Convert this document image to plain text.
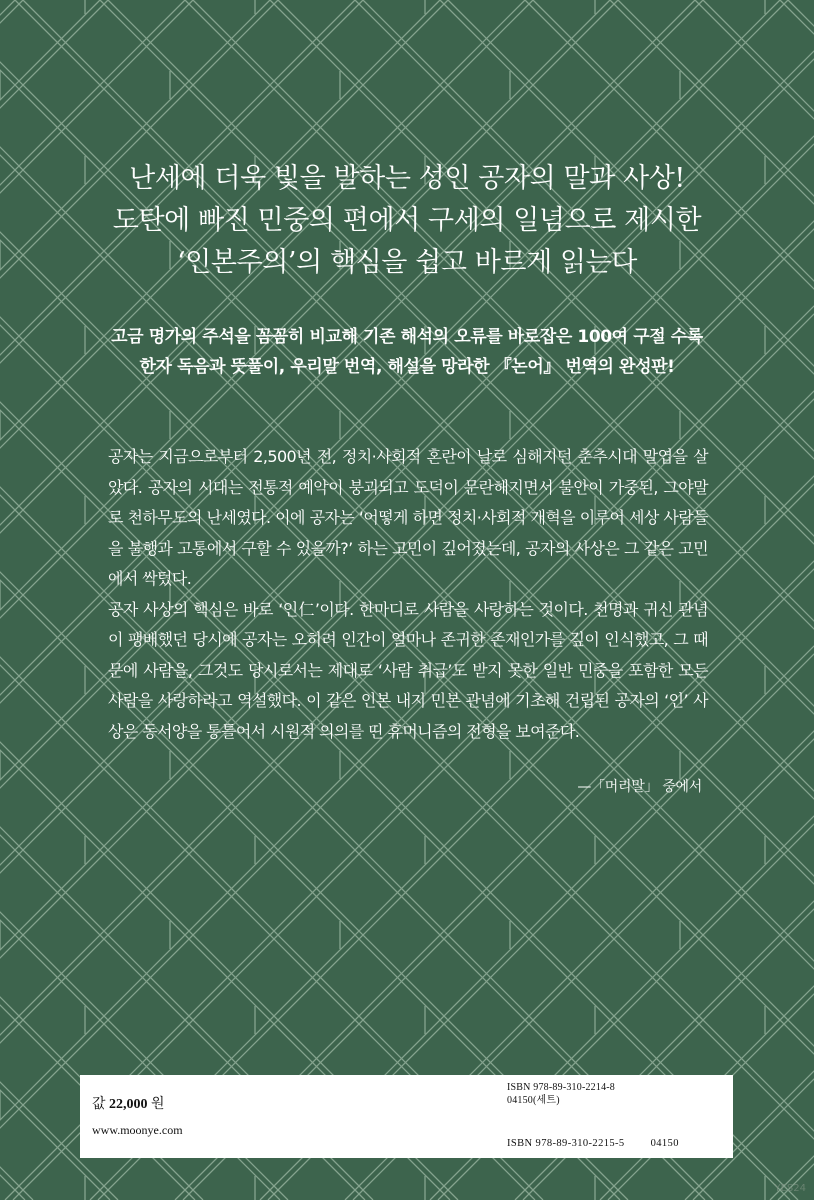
난세에 더욱 빛을 발하는 성인 공자의 말과 사상!
도탄에 빠진 민중의 편에서 구세의 일념으로 제시한
‘인본주의’의 핵심을 쉽고 바르게 읽는다
고금 명가의 주석을 꼼꼼히 비교해 기존 해석의 오류를 바로잡은 100여 구절 수록
한자 독음과 뜻풀이, 우리말 번역, 해설을 망라한 『논어』 번역의 완성판!

공자는 지금으로부터 2,500년 전, 정치·사회적 혼란이 날로 심해지던 춘추시대 말엽을 살았다. 공자의 시대는 전통적 예악이 붕괴되고 도덕이 문란해지면서 불안이 가중된, 그야말로 천하무도의 난세였다. 이에 공자는 ‘어떻게 하면 정치·사회적 개혁을 이루어 세상 사람들을 불행과 고통에서 구할 수 있을까?’ 하는 고민이 깊어졌는데, 공자의 사상은 그 같은 고민에서 싹텄다.

공자 사상의 핵심은 바로 ‘인仁’이다. 한마디로 사람을 사랑하는 것이다. 천명과 귀신 관념이 팽배했던 당시에 공자는 오히려 인간이 얼마나 존귀한 존재인가를 깊이 인식했고, 그 때문에 사람을, 그것도 당시로서는 제대로 ‘사람 취급’도 받지 못한 일반 민중을 포함한 모든 사람을 사랑하라고 역설했다. 이 같은 인본 내지 민본 관념에 기초해 건립된 공자의 ‘인’ 사상은 동서양을 통틀어서 시원적 의의를 띤 휴머니즘의 전형을 보여준다.

—「머리말」 중에서
값 22,000 원
www.moonye.com
ISBN 978-89-310-2214-8
04150(세트)
ISBN 978-89-310-2215-5 04150
YES24
